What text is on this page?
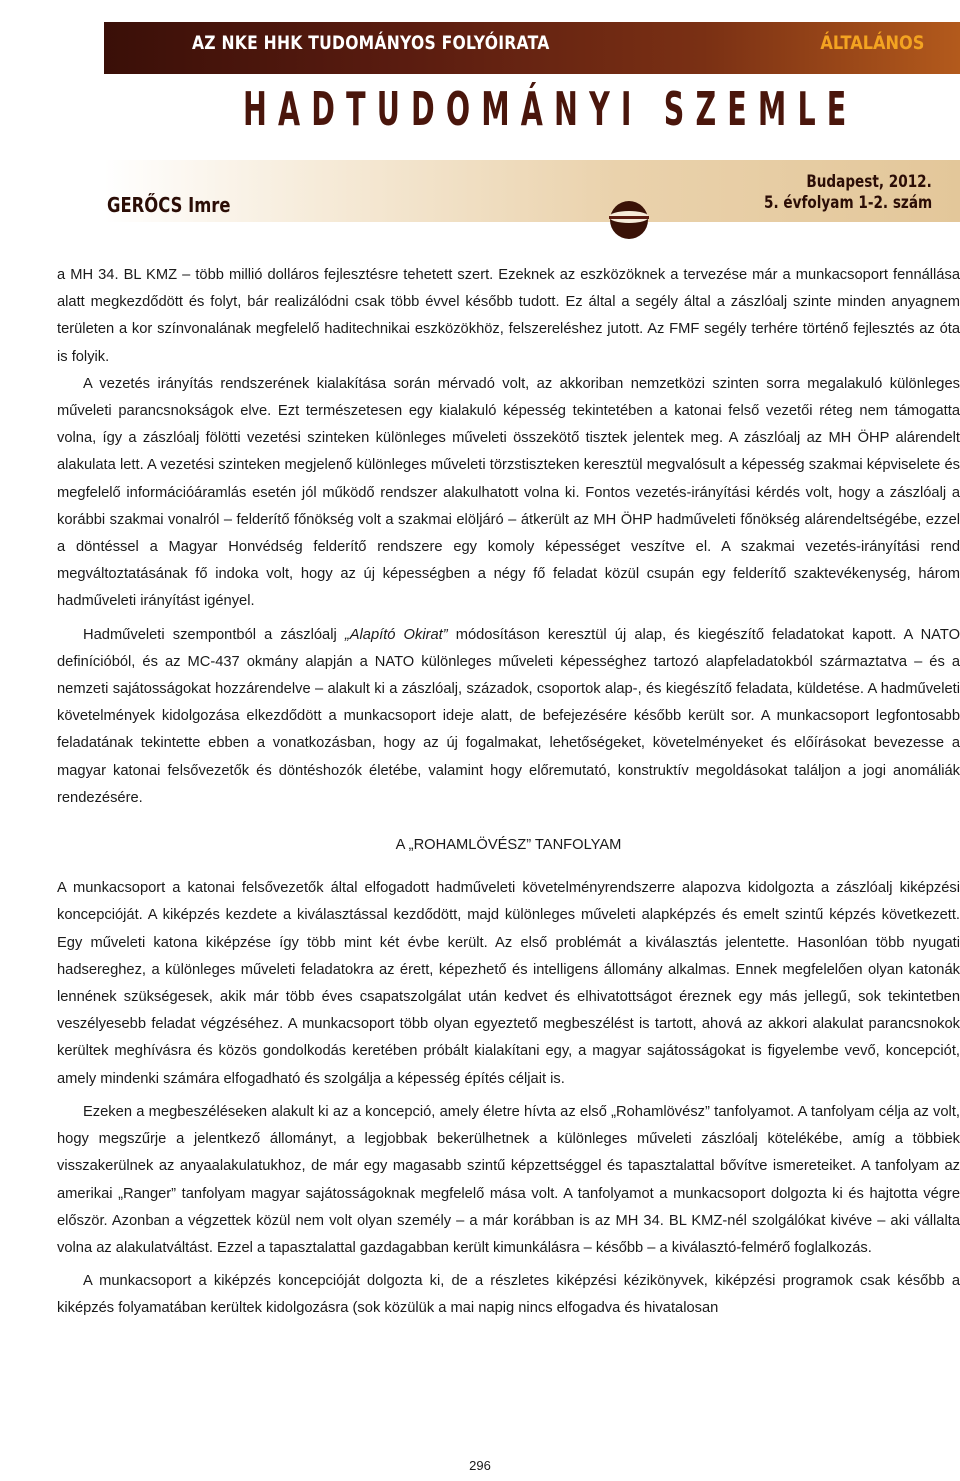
AZ NKE HHK TUDOMÁNYOS FOLYÓIRATA	ÁLTALÁNOS
HADTUDOMÁNYI SZEMLE
GERŐCS Imre
Budapest, 2012.
5. évfolyam 1-2. szám

a MH 34. BL KMZ – több millió dolláros fejlesztésre tehetett szert. Ezeknek az eszközöknek a tervezése már a munkacsoport fennállása alatt megkezdődött és folyt, bár realizálódni csak több évvel később tudott. Ez által a segély által a zászlóalj szinte minden anyagnem területen a kor színvonalának megfelelő haditechnikai eszközökhöz, felszereléshez jutott. Az FMF segély terhére történő fejlesztés az óta is folyik.

A vezetés irányítás rendszerének kialakítása során mérvadó volt, az akkoriban nemzetközi szinten sorra megalakuló különleges műveleti parancsnokságok elve. Ezt természetesen egy kialakuló képesség tekintetében a katonai felső vezetői réteg nem támogatta volna, így a zászlóalj fölötti vezetési szinteken különleges műveleti összekötő tisztek jelentek meg. A zászlóalj az MH ÖHP alárendelt alakulata lett. A vezetési szinteken megjelenő különleges műveleti törzstiszteken keresztül megvalósult a képesség szakmai képviselete és megfelelő információáramlás esetén jól működő rendszer alakulhatott volna ki. Fontos vezetés-irányítási kérdés volt, hogy a zászlóalj a korábbi szakmai vonalról – felderítő főnökség volt a szakmai elöljáró – átkerült az MH ÖHP hadműveleti főnökség alárendeltségébe, ezzel a döntéssel a Magyar Honvédség felderítő rendszere egy komoly képességet veszítve el. A szakmai vezetés-irányítási rend megváltoztatásának fő indoka volt, hogy az új képességben a négy fő feladat közül csupán egy felderítő szaktevékenység, három hadműveleti irányítást igényel.

Hadműveleti szempontból a zászlóalj „Alapító Okirat” módosításon keresztül új alap, és kiegészítő feladatokat kapott. A NATO definícióból, és az MC-437 okmány alapján a NATO különleges műveleti képességhez tartozó alapfeladatokból származtatva – és a nemzeti sajátosságokat hozzárendelve – alakult ki a zászlóalj, századok, csoportok alap-, és kiegészítő feladata, küldetése. A hadműveleti követelmények kidolgozása elkezdődött a munkacsoport ideje alatt, de befejezésére később került sor. A munkacsoport legfontosabb feladatának tekintette ebben a vonatkozásban, hogy az új fogalmakat, lehetőségeket, követelményeket és előírásokat bevezesse a magyar katonai felsővezetők és döntéshozók életébe, valamint hogy előremutató, konstruktív megoldásokat találjon a jogi anomáliák rendezésére.

A „ROHAMLÖVÉSZ” TANFOLYAM

A munkacsoport a katonai felsővezetők által elfogadott hadműveleti követelményrendszerre alapozva kidolgozta a zászlóalj kiképzési koncepcióját. A kiképzés kezdete a kiválasztással kezdődött, majd különleges műveleti alapképzés és emelt szintű képzés következett. Egy műveleti katona kiképzése így több mint két évbe került. Az első problémát a kiválasztás jelentette. Hasonlóan több nyugati hadsereghez, a különleges műveleti feladatokra az érett, képezhető és intelligens állomány alkalmas. Ennek megfelelően olyan katonák lennének szükségesek, akik már több éves csapatszolgálat után kedvet és elhivatottságot éreznek egy más jellegű, sok tekintetben veszélyesebb feladat végzéséhez. A munkacsoport több olyan egyeztető megbeszélést is tartott, ahová az akkori alakulat parancsnokok kerültek meghívásra és közös gondolkodás keretében próbált kialakítani egy, a magyar sajátosságokat is figyelembe vevő, koncepciót, amely mindenki számára elfogadható és szolgálja a képesség építés céljait is.

Ezeken a megbeszéléseken alakult ki az a koncepció, amely életre hívta az első „Rohamlövész” tanfolyamot. A tanfolyam célja az volt, hogy megszűrje a jelentkező állományt, a legjobbak bekerülhetnek a különleges műveleti zászlóalj kötelékébe, amíg a többiek visszakerülnek az anyaalakulatukhoz, de már egy magasabb szintű képzettséggel és tapasztalattal bővítve ismereteiket. A tanfolyam az amerikai „Ranger” tanfolyam magyar sajátosságoknak megfelelő mása volt. A tanfolyamot a munkacsoport dolgozta ki és hajtotta végre először. Azonban a végzettek közül nem volt olyan személy – a már korábban is az MH 34. BL KMZ-nél szolgálókat kivéve – aki vállalta volna az alakulatváltást. Ezzel a tapasztalattal gazdagabban került kimunkálásra – később – a kiválasztó-felmérő foglalkozás.

A munkacsoport a kiképzés koncepcióját dolgozta ki, de a részletes kiképzési kézikönyvek, kiképzési programok csak később a kiképzés folyamatában kerültek kidolgozásra (sok közülük a mai napig nincs elfogadva és hivatalosan

296
